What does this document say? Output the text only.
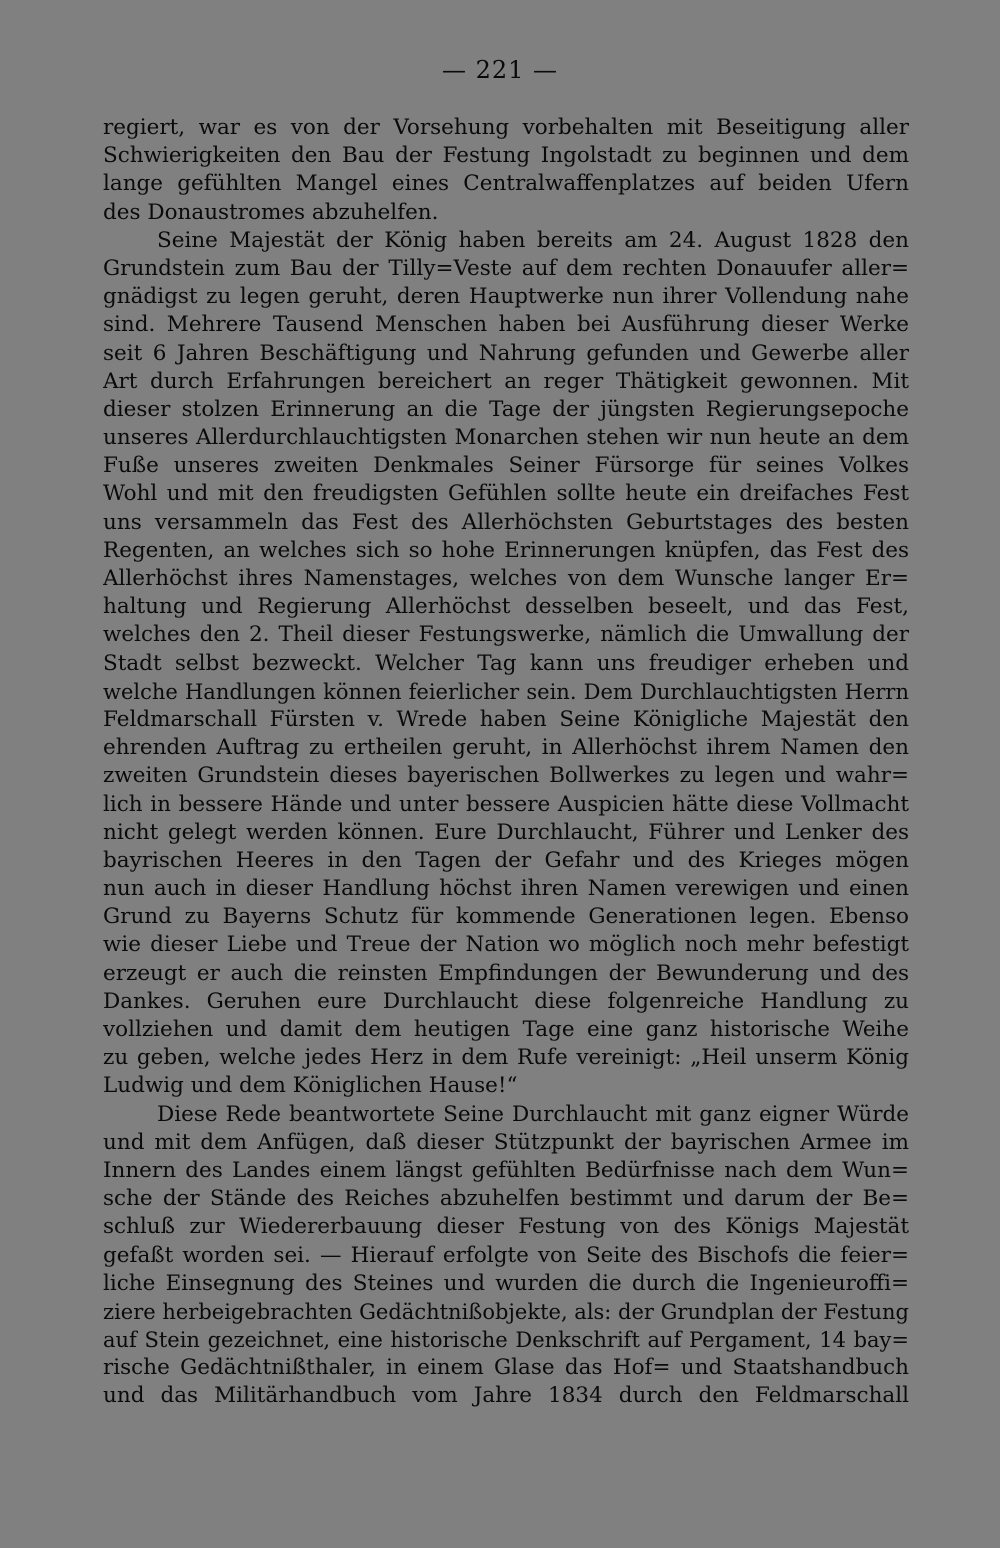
— 221 —
regiert, war es von der Vorsehung vorbehalten mit Beseitigung aller
Schwierigkeiten den Bau der Festung Ingolstadt zu beginnen und dem
lange gefühlten Mangel eines Centralwaffenplatzes auf beiden Ufern
des Donaustromes abzuhelfen.
Seine Majestät der König haben bereits am 24. August 1828 den
Grundstein zum Bau der Tilly=Veste auf dem rechten Donauufer aller=
gnädigst zu legen geruht, deren Hauptwerke nun ihrer Vollendung nahe
sind. Mehrere Tausend Menschen haben bei Ausführung dieser Werke
seit 6 Jahren Beschäftigung und Nahrung gefunden und Gewerbe aller
Art durch Erfahrungen bereichert an reger Thätigkeit gewonnen. Mit
dieser stolzen Erinnerung an die Tage der jüngsten Regierungsepoche
unseres Allerdurchlauchtigsten Monarchen stehen wir nun heute an dem
Fuße unseres zweiten Denkmales Seiner Fürsorge für seines Volkes
Wohl und mit den freudigsten Gefühlen sollte heute ein dreifaches Fest
uns versammeln das Fest des Allerhöchsten Geburtstages des besten
Regenten, an welches sich so hohe Erinnerungen knüpfen, das Fest des
Allerhöchst ihres Namenstages, welches von dem Wunsche langer Er=
haltung und Regierung Allerhöchst desselben beseelt, und das Fest,
welches den 2. Theil dieser Festungswerke, nämlich die Umwallung der
Stadt selbst bezweckt. Welcher Tag kann uns freudiger erheben und
welche Handlungen können feierlicher sein. Dem Durchlauchtigsten Herrn
Feldmarschall Fürsten v. Wrede haben Seine Königliche Majestät den
ehrenden Auftrag zu ertheilen geruht, in Allerhöchst ihrem Namen den
zweiten Grundstein dieses bayerischen Bollwerkes zu legen und wahr=
lich in bessere Hände und unter bessere Auspicien hätte diese Vollmacht
nicht gelegt werden können. Eure Durchlaucht, Führer und Lenker des
bayrischen Heeres in den Tagen der Gefahr und des Krieges mögen
nun auch in dieser Handlung höchst ihren Namen verewigen und einen
Grund zu Bayerns Schutz für kommende Generationen legen. Ebenso
wie dieser Liebe und Treue der Nation wo möglich noch mehr befestigt
erzeugt er auch die reinsten Empfindungen der Bewunderung und des
Dankes. Geruhen eure Durchlaucht diese folgenreiche Handlung zu
vollziehen und damit dem heutigen Tage eine ganz historische Weihe
zu geben, welche jedes Herz in dem Rufe vereinigt: „Heil unserm König
Ludwig und dem Königlichen Hause!“
Diese Rede beantwortete Seine Durchlaucht mit ganz eigner Würde
und mit dem Anfügen, daß dieser Stützpunkt der bayrischen Armee im
Innern des Landes einem längst gefühlten Bedürfnisse nach dem Wun=
sche der Stände des Reiches abzuhelfen bestimmt und darum der Be=
schluß zur Wiedererbauung dieser Festung von des Königs Majestät
gefaßt worden sei. — Hierauf erfolgte von Seite des Bischofs die feier=
liche Einsegnung des Steines und wurden die durch die Ingenieuroffi=
ziere herbeigebrachten Gedächtnißobjekte, als: der Grundplan der Festung
auf Stein gezeichnet, eine historische Denkschrift auf Pergament, 14 bay=
rische Gedächtnißthaler, in einem Glase das Hof= und Staatshandbuch
und das Militärhandbuch vom Jahre 1834 durch den Feldmarschall
